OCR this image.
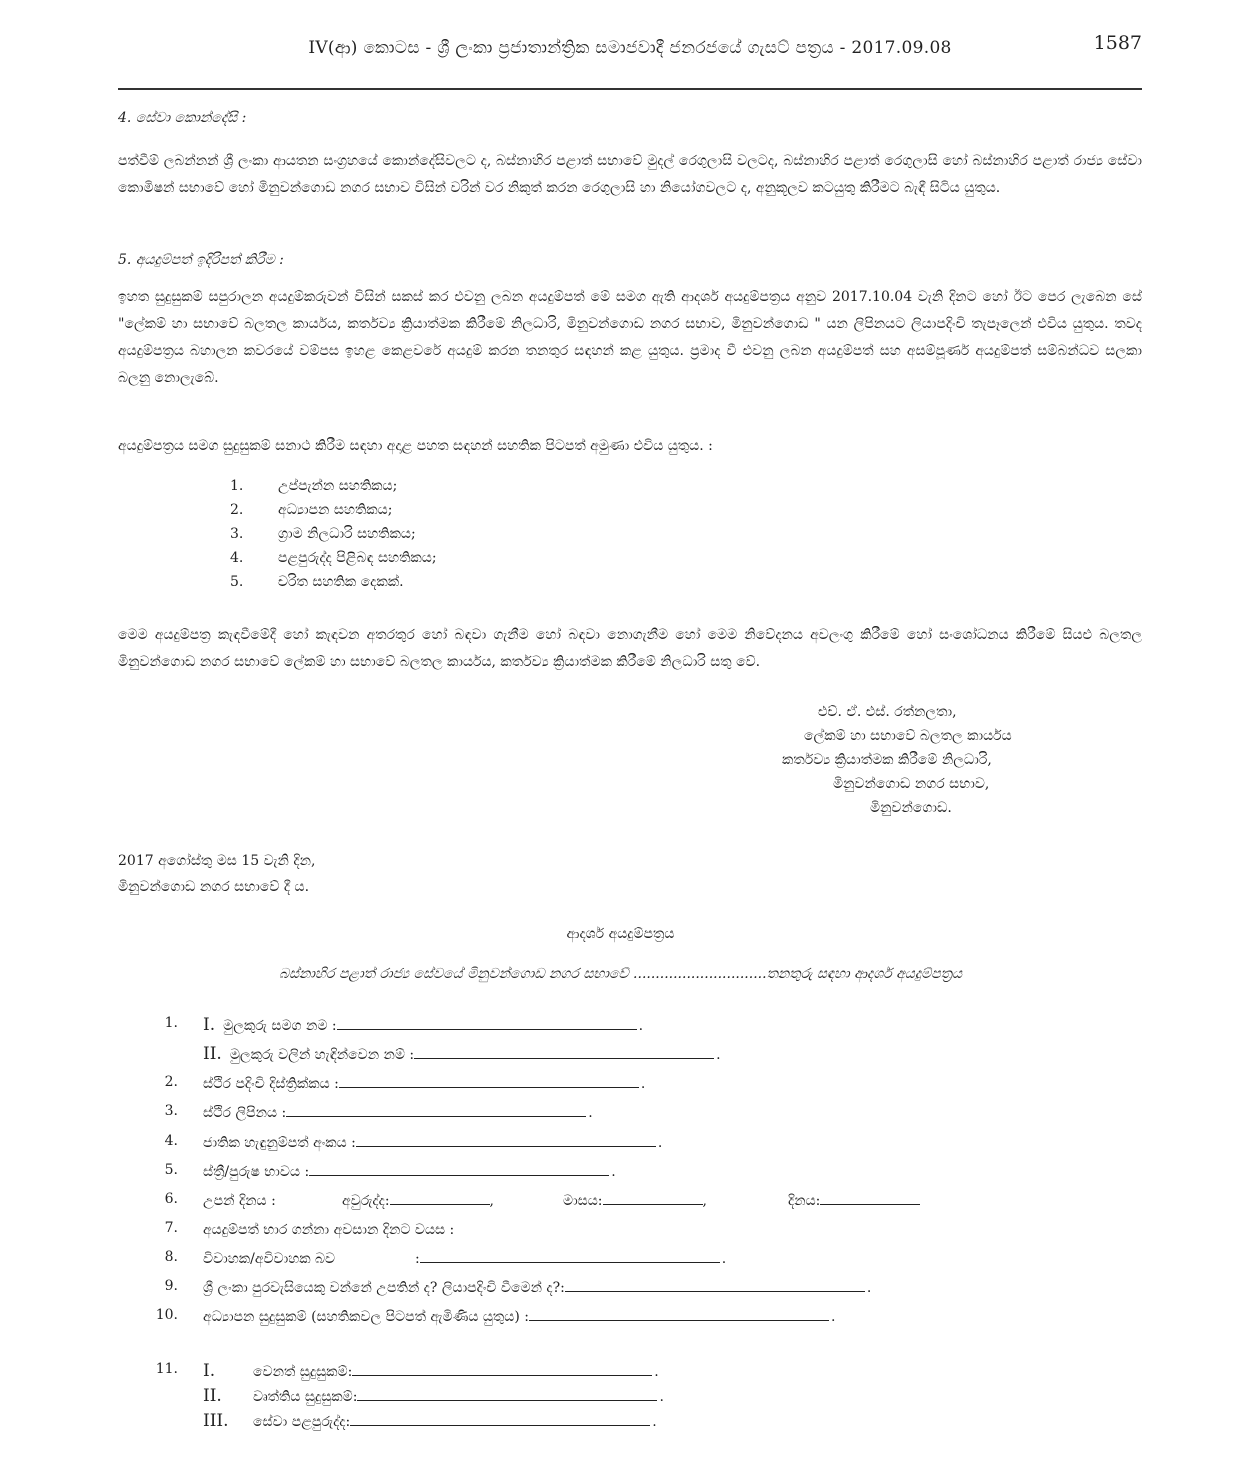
IV(ආ) කොටස - ශ්‍රී ලංකා ප්‍රජාතාන්ත්‍රික සමාජවාදී ජනරජයේ ගැසට් පත්‍රය - 2017.09.08	1587
4. සේවා කොන්දේසි :
පත්වීම් ලබන්නන් ශ්‍රී ලංකා ආයතන සංග්‍රහයේ කොන්දේසිවලට ද, බස්නාහිර පළාත් සභාවේ මුදල් රෙගුලාසි වලටද, බස්නාහිර පළාත් රෙගුලාසි හෝ බස්නාහිර පළාත් රාජ්‍ය සේවා කොමිෂන් සභාවේ හෝ මිනුවන්ගොඩ නගර සභාව විසින් වරින් වර නිකුත් කරන රෙගුලාසි හා නියෝගවලට ද, අනුකූලව කටයුතු කිරීමට බැඳී සිටිය යුතුය.
5. අයදුම්පත් ඉදිරිපත් කිරීම :
ඉහත සුදුසුකම් සපුරාලන අයදුම්කරුවන් විසින් සකස් කර එවනු ලබන අයදුම්පත් මේ සමග ඇති ආදර්ශ අයදුම්පත්‍රය අනුව 2017.10.04 වැනි දිනට හෝ ඊට පෙර ලැබෙන සේ "ලේකම් හා සභාවේ බලතල කාර්යය, කර්තව්‍ය ක්‍රියාත්මක කිරීමේ නිලධාරි, මිනුවන්ගොඩ නගර සභාව, මිනුවන්ගොඩ " යන ලිපිනයට ලියාපදිංචි තැපෑලෙන් එවිය යුතුය. තවද අයදුම්පත්‍රය බහාලන කවරයේ වම්පස ඉහළ කෙළවරේ අයදුම් කරන තනතුර සඳහන් කළ යුතුය. ප්‍රමාද වී එවනු ලබන අයදුම්පත් සහ අසම්පූර්ණ අයදුම්පත් සම්බන්ධව සලකා බලනු නොලැබේ.
අයදුම්පත්‍රය සමග සුදුසුකම් සනාථ කිරීම සඳහා අදාළ පහත සඳහන් සහතික පිටපත් අමුණා එවිය යුතුය. :
1.	උප්පැන්න සහතිකය;
2.	අධ්‍යාපන සහතිකය;
3.	ග්‍රාම නිලධාරි සහතිකය;
4.	පළපුරුද්ද පිළිබඳ සහතිකය;
5.	චරිත සහතික දෙකක්.
මෙම අයදුම්පත්‍ර කැඳවීමේදී හෝ කැඳවන අතරතුර හෝ බඳවා ගැනීම හෝ බඳවා නොගැනීම හෝ මෙම නිවේදනය අවලංගු කිරීමේ හෝ සංශෝධනය කිරීමේ සියළු බලතල මිනුවන්ගොඩ නගර සභාවේ ලේකම් හා සභාවේ බලතල කාර්යය, කර්තව්‍ය ක්‍රියාත්මක කිරීමේ නිලධාරි සතු වේ.
එච්. ඒ. එස්. රත්නලතා,
ලේකම් හා සභාවේ බලතල කාර්යය
කර්තව්‍ය ක්‍රියාත්මක කිරීමේ නිලධාරි,
මිනුවන්ගොඩ නගර සභාව,
මිනුවන්ගොඩ.
2017 අගෝස්තු මස 15 වැනි දින,
මිනුවන්ගොඩ නගර සභාවේ දී ය.
ආදර්ශ අයදුම්පත්‍රය
බස්නාහිර පළාත් රාජ්‍ය සේවයේ මිනුවන්ගොඩ නගර සභාවේ ..............................තනතුරු සඳහා ආදර්ශ අයදුම්පත්‍රය
1. I. මුලකුරු සමග නම :	.
II. මුලකුරු වලින් හැඳින්වෙන නම් :	.
2. ස්ථිර පදිංචි දිස්ත්‍රික්කය :	.
3. ස්ථිර ලිපිනය :	.
4. ජාතික හැඳුනුම්පත් අංකය :	.
5. ස්ත්‍රී/පුරුෂ භාවය :	.
6. උපන් දිනය :	අවුරුද්ද:	,	මාසය:	,	දිනය:
7. අයදුම්පත් භාර ගන්නා අවසාන දිනට වයස :
8. විවාහක/අවිවාහක බව	:	.
9. ශ්‍රී ලංකා පුරවැසියෙකු වන්නේ උපතින් ද? ලියාපදිංචි වීමෙන් ද?:	.
10. අධ්‍යාපන සුදුසුකම් (සහතිකවල පිටපත් ඇමිණිය යුතුය) :	.
11. I.	වෙනත් සුදුසුකම්:	.
II. වෘත්තිය සුදුසුකම්:	.
III. සේවා පළපුරුද්ද:	.
